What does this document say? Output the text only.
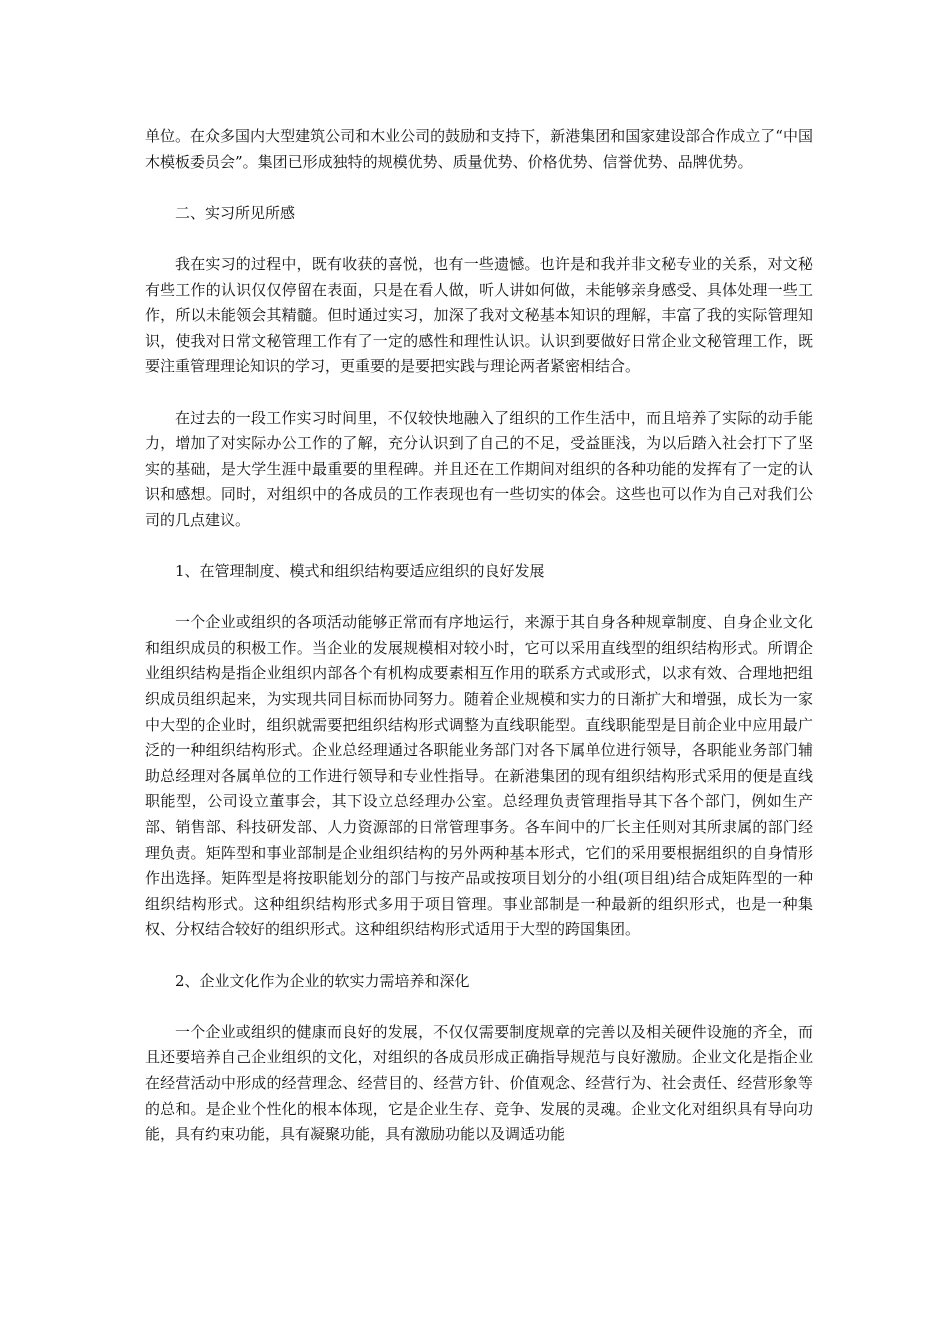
单位。在众多国内大型建筑公司和木业公司的鼓励和支持下，新港集团和国家建设部合作成立了“中国木模板委员会”。集团已形成独特的规模优势、质量优势、价格优势、信誉优势、品牌优势。

二、实习所见所感

我在实习的过程中，既有收获的喜悦，也有一些遗憾。也许是和我并非文秘专业的关系，对文秘有些工作的认识仅仅停留在表面，只是在看人做，听人讲如何做，未能够亲身感受、具体处理一些工作，所以未能领会其精髓。但时通过实习，加深了我对文秘基本知识的理解，丰富了我的实际管理知识，使我对日常文秘管理工作有了一定的感性和理性认识。认识到要做好日常企业文秘管理工作，既要注重管理理论知识的学习，更重要的是要把实践与理论两者紧密相结合。

在过去的一段工作实习时间里，不仅较快地融入了组织的工作生活中，而且培养了实际的动手能力，增加了对实际办公工作的了解，充分认识到了自己的不足，受益匪浅，为以后踏入社会打下了坚实的基础，是大学生涯中最重要的里程碑。并且还在工作期间对组织的各种功能的发挥有了一定的认识和感想。同时，对组织中的各成员的工作表现也有一些切实的体会。这些也可以作为自己对我们公司的几点建议。

1、在管理制度、模式和组织结构要适应组织的良好发展

一个企业或组织的各项活动能够正常而有序地运行，来源于其自身各种规章制度、自身企业文化和组织成员的积极工作。当企业的发展规模相对较小时，它可以采用直线型的组织结构形式。所谓企业组织结构是指企业组织内部各个有机构成要素相互作用的联系方式或形式，以求有效、合理地把组织成员组织起来，为实现共同目标而协同努力。随着企业规模和实力的日渐扩大和增强，成长为一家中大型的企业时，组织就需要把组织结构形式调整为直线职能型。直线职能型是目前企业中应用最广泛的一种组织结构形式。企业总经理通过各职能业务部门对各下属单位进行领导，各职能业务部门辅助总经理对各属单位的工作进行领导和专业性指导。在新港集团的现有组织结构形式采用的便是直线职能型，公司设立董事会，其下设立总经理办公室。总经理负责管理指导其下各个部门，例如生产部、销售部、科技研发部、人力资源部的日常管理事务。各车间中的厂长主任则对其所隶属的部门经理负责。矩阵型和事业部制是企业组织结构的另外两种基本形式，它们的采用要根据组织的自身情形作出选择。矩阵型是将按职能划分的部门与按产品或按项目划分的小组(项目组)结合成矩阵型的一种组织结构形式。这种组织结构形式多用于项目管理。事业部制是一种最新的组织形式，也是一种集权、分权结合较好的组织形式。这种组织结构形式适用于大型的跨国集团。

2、企业文化作为企业的软实力需培养和深化

一个企业或组织的健康而良好的发展，不仅仅需要制度规章的完善以及相关硬件设施的齐全，而且还要培养自己企业组织的文化，对组织的各成员形成正确指导规范与良好激励。企业文化是指企业在经营活动中形成的经营理念、经营目的、经营方针、价值观念、经营行为、社会责任、经营形象等的总和。是企业个性化的根本体现，它是企业生存、竞争、发展的灵魂。企业文化对组织具有导向功能，具有约束功能，具有凝聚功能，具有激励功能以及调适功能
